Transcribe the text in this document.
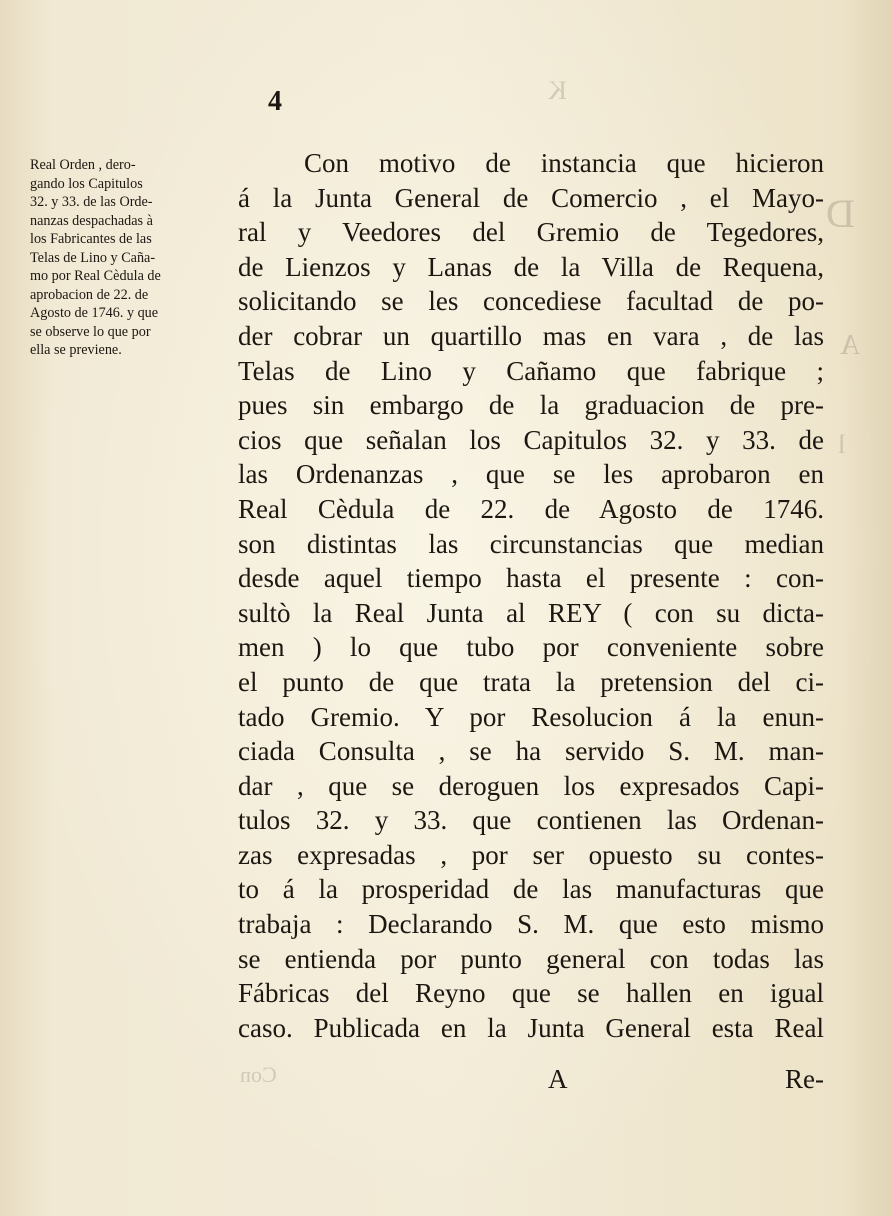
D
A
l
K
Con
4
Real Orden , dero-
gando los Capitulos
32. y 33. de las Orde-
nanzas despachadas à
los Fabricantes de las
Telas de Lino y Caña-
mo por Real Cèdula de
aprobacion de 22. de
Agosto de 1746. y que
se observe lo que por
ella se previene.
Con motivo de instancia que hicieron
á la Junta General de Comercio , el Mayo-
ral y Veedores del Gremio de Tegedores,
de Lienzos y Lanas de la Villa de Requena,
solicitando se les concediese facultad de po-
der cobrar un quartillo mas en vara , de las
Telas de Lino y Cañamo que fabrique ;
pues sin embargo de la graduacion de pre-
cios que señalan los Capitulos 32. y 33. de
las Ordenanzas , que se les aprobaron en
Real Cèdula de 22. de Agosto de 1746.
son distintas las circunstancias que median
desde aquel tiempo hasta el presente : con-
sultò la Real Junta al REY ( con su dicta-
men ) lo que tubo por conveniente sobre
el punto de que trata la pretension del ci-
tado Gremio. Y por Resolucion á la enun-
ciada Consulta , se ha servido S. M. man-
dar , que se deroguen los expresados Capi-
tulos 32. y 33. que contienen las Ordenan-
zas expresadas , por ser opuesto su contes-
to á la prosperidad de las manufacturas que
trabaja : Declarando S. M. que esto mismo
se entienda por punto general con todas las
Fábricas del Reyno que se hallen en igual
caso. Publicada en la Junta General esta Real
A	Re-
